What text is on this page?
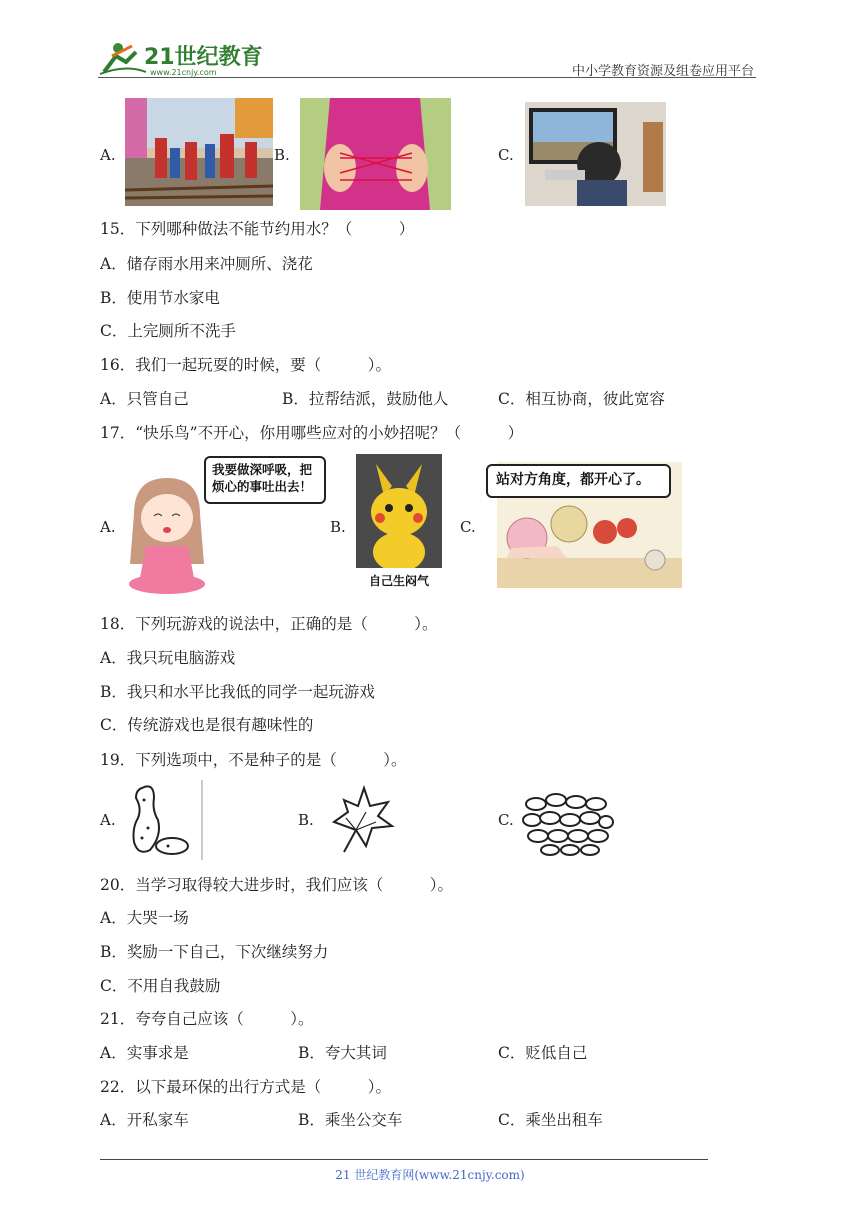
21世纪教育
www.21cnjy.com	中小学教育资源及组卷应用平台
A.	B.	C.
15．下列哪种做法不能节约用水？（　　　）
A．储存雨水用来冲厕所、浇花
B．使用节水家电
C．上完厕所不洗手
16．我们一起玩耍的时候，要（　　　）。
A．只管自己	B．拉帮结派，鼓励他人	C．相互协商，彼此宽容
17．“快乐鸟”不开心，你用哪些应对的小妙招呢？（　　　）
A.
我要做深呼吸，把烦心的事吐出去！
B.
自己生闷气
C.
站对方角度，都开心了。
18．下列玩游戏的说法中，正确的是（　　　）。
A．我只玩电脑游戏
B．我只和水平比我低的同学一起玩游戏
C．传统游戏也是很有趣味性的
19．下列选项中，不是种子的是（　　　）。
A.	B.	C.
20．当学习取得较大进步时，我们应该（　　　）。
A．大哭一场
B．奖励一下自己，下次继续努力
C．不用自我鼓励
21．夸夸自己应该（　　　）。
A．实事求是	B．夸大其词	C．贬低自己
22．以下最环保的出行方式是（　　　）。
A．开私家车	B．乘坐公交车	C．乘坐出租车
21 世纪教育网(www.21cnjy.com)
